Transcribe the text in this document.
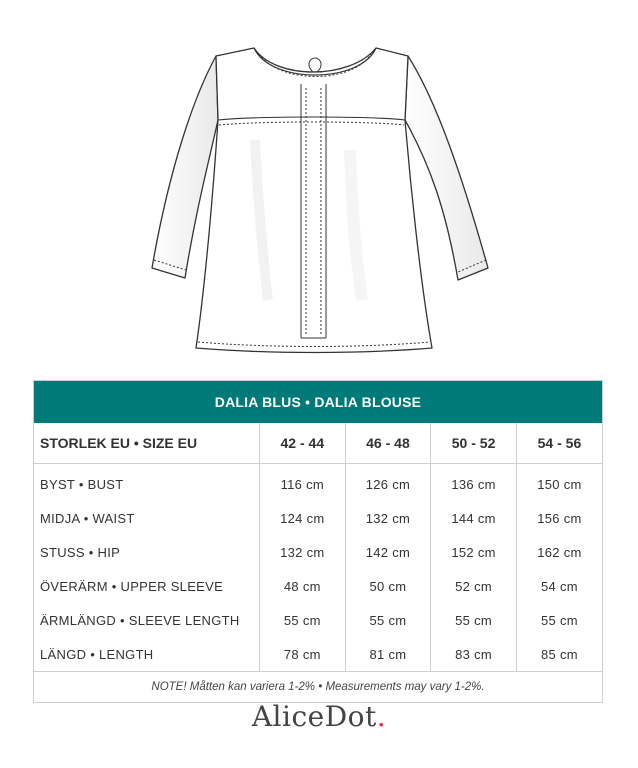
DALIA BLUS • DALIA BLOUSE
STORLEK EU • SIZE EU	42 - 44	46 - 48	50 - 52	54 - 56
BYST • BUST	116 cm	126 cm	136 cm	150 cm
MIDJA • WAIST	124 cm	132 cm	144 cm	156 cm
STUSS • HIP	132 cm	142 cm	152 cm	162 cm
ÖVERÄRM • UPPER SLEEVE	48 cm	50 cm	52 cm	54 cm
ÄRMLÄNGD • SLEEVE LENGTH	55 cm	55 cm	55 cm	55 cm
LÄNGD • LENGTH	78 cm	81 cm	83 cm	85 cm
NOTE! Måtten kan variera 1-2% • Measurements may vary 1-2%.
AliceDot.
